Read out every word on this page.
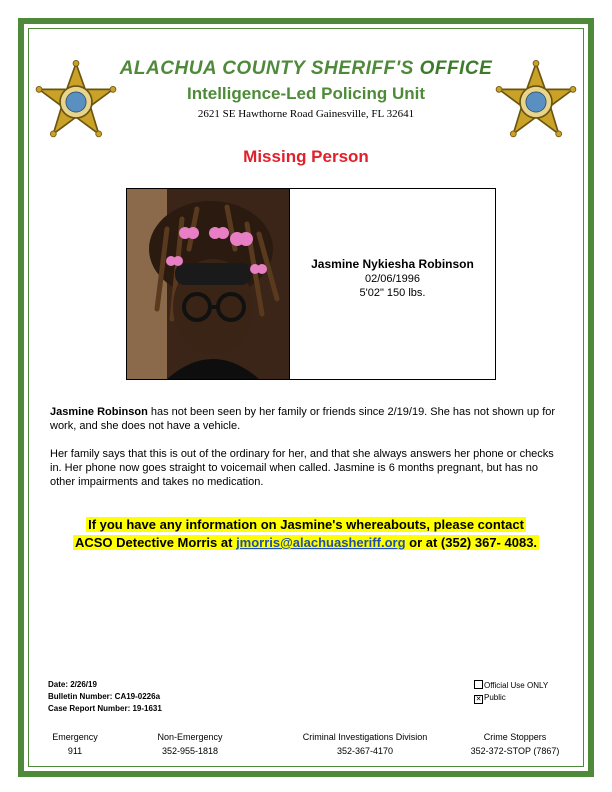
ALACHUA COUNTY SHERIFF'S OFFICE
Intelligence-Led Policing Unit
2621 SE Hawthorne Road Gainesville, FL 32641
Missing Person
Jasmine Nykiesha Robinson
02/06/1996
5'02" 150 lbs.
Jasmine Robinson has not been seen by her family or friends since 2/19/19. She has not shown up for work, and she does not have a vehicle.
Her family says that this is out of the ordinary for her, and that she always answers her phone or checks in. Her phone now goes straight to voicemail when called. Jasmine is 6 months pregnant, but has no other impairments and takes no medication.
If you have any information on Jasmine's whereabouts, please contact
ACSO Detective Morris at jmorris@alachuasheriff.org or at (352) 367- 4083.
Date: 2/26/19
Bulletin Number: CA19-0226a
Case Report Number: 19-1631
Official Use ONLY
✕ Public
Emergency
911
Non-Emergency
352-955-1818
Criminal Investigations Division
352-367-4170
Crime Stoppers
352-372-STOP (7867)
